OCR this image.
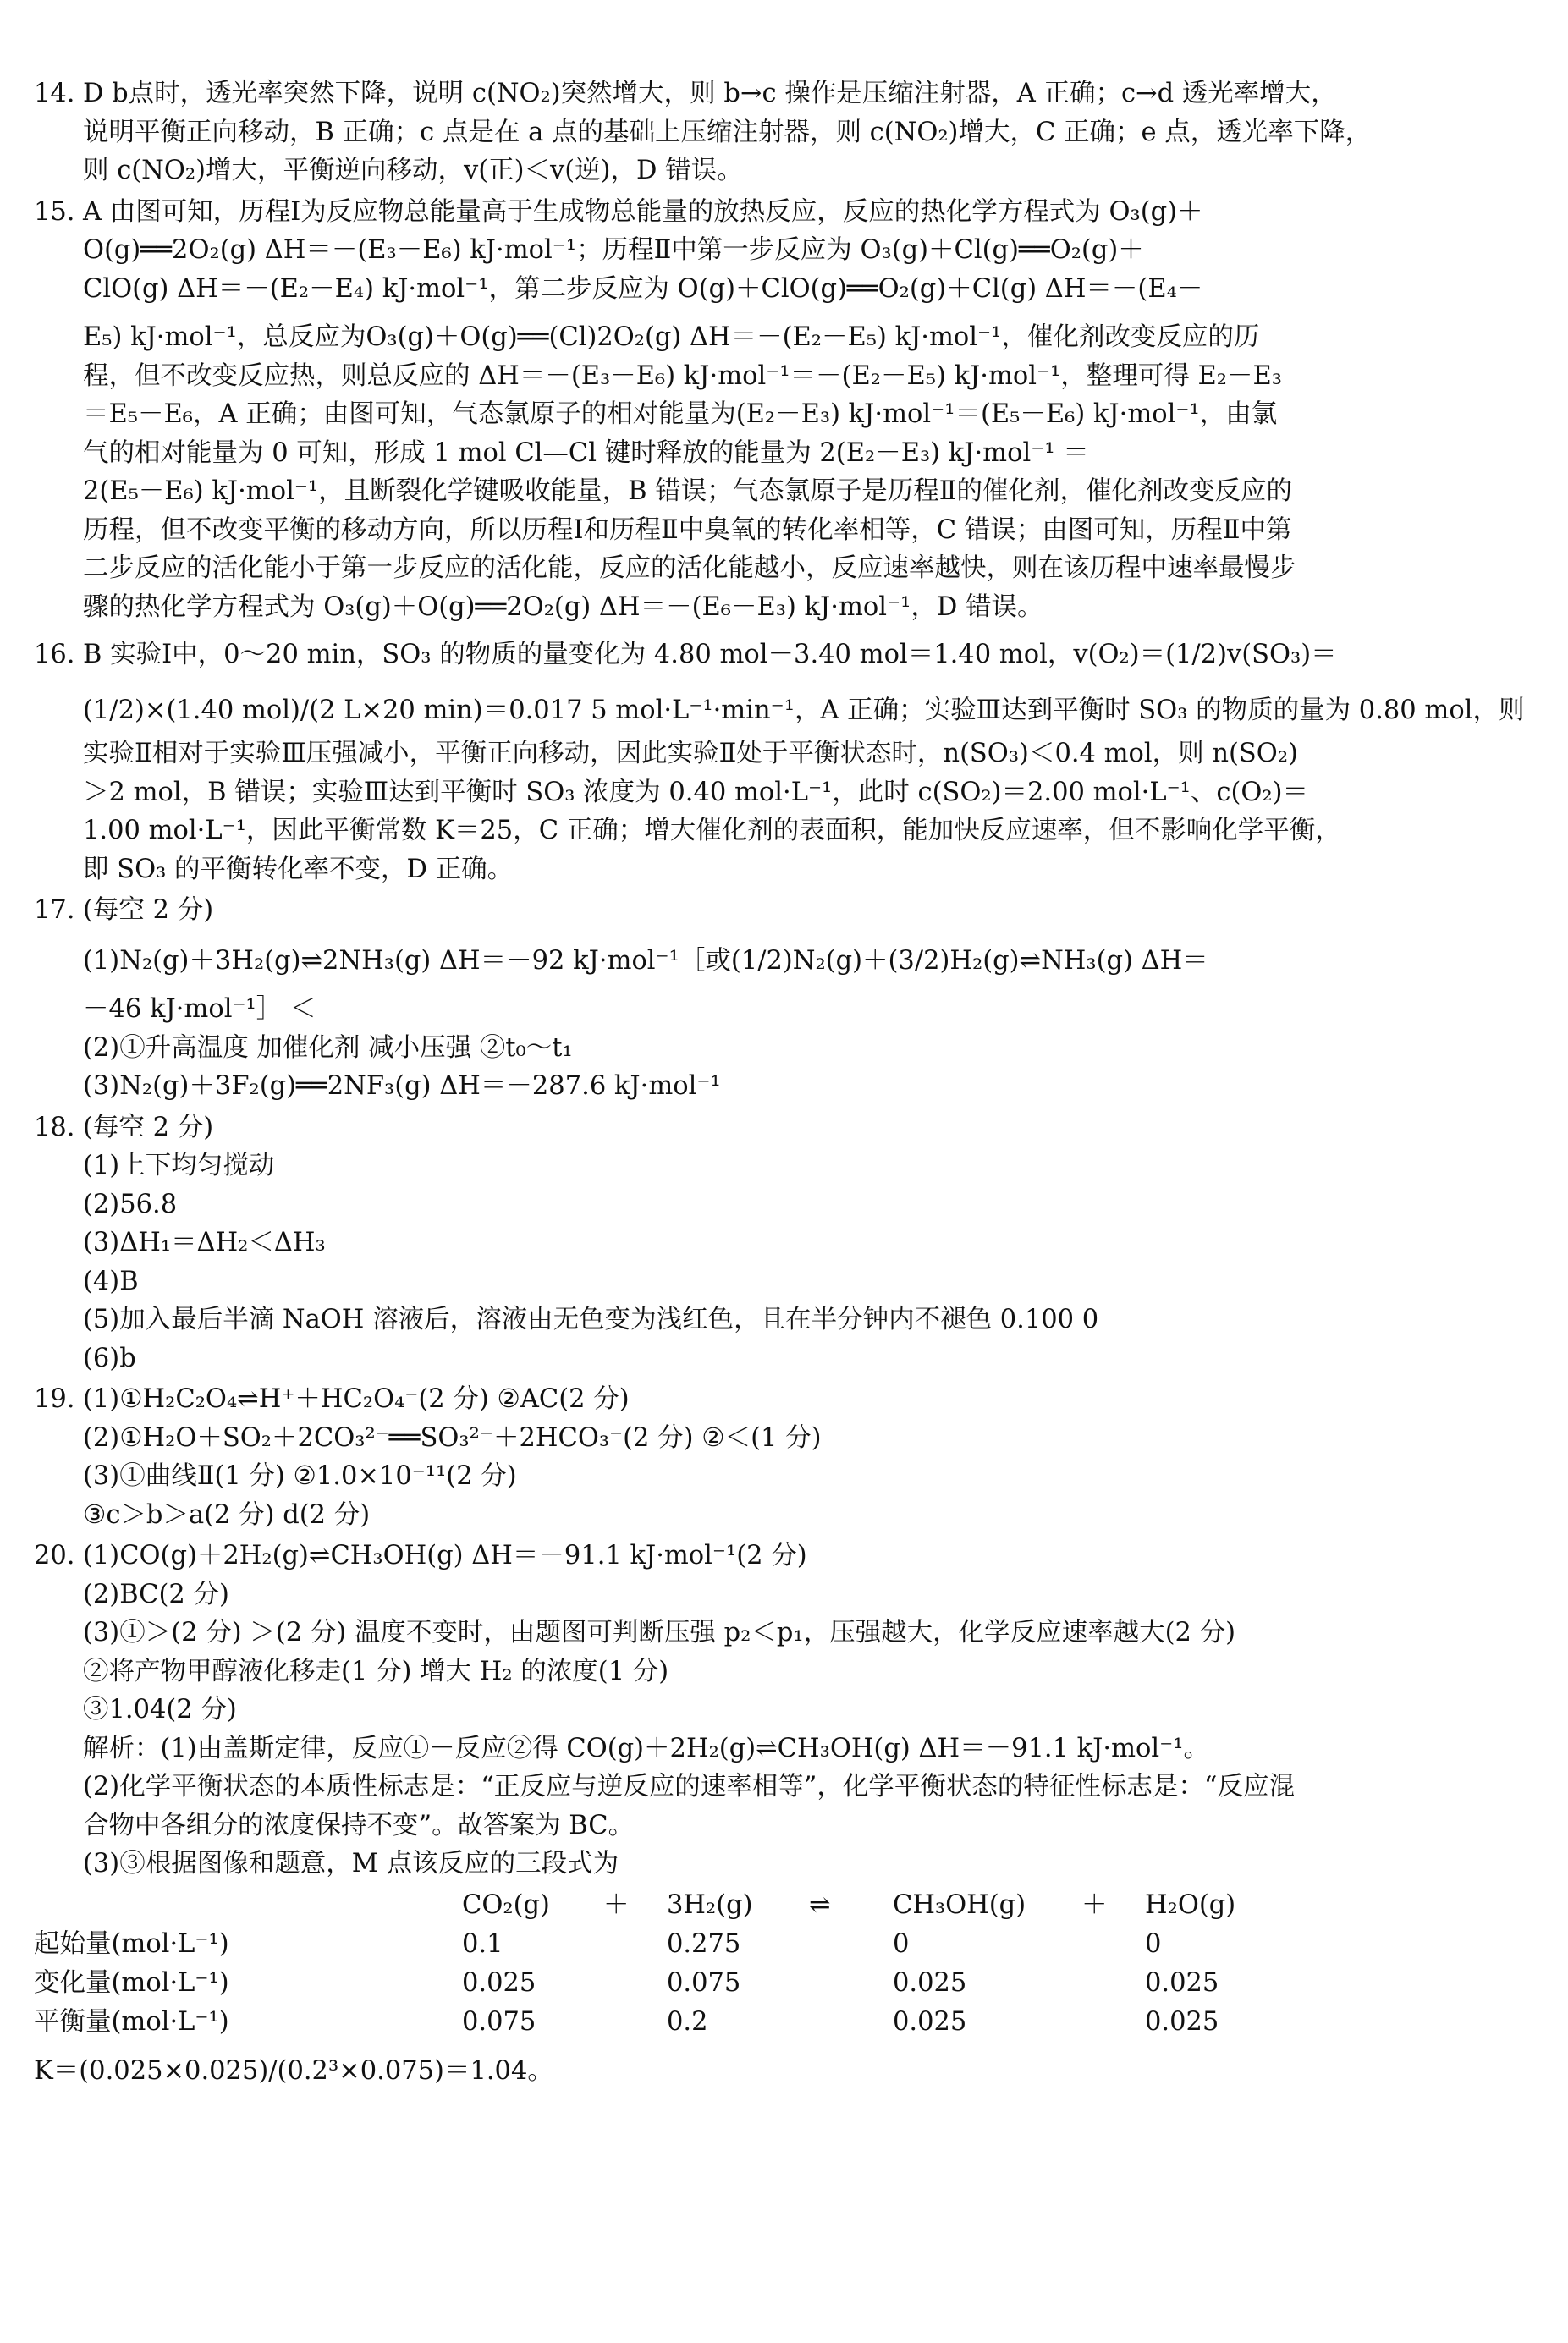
14. D b点时，透光率突然下降，说明 c(NO₂)突然增大，则 b→c 操作是压缩注射器，A 正确；c→d 透光率增大，
说明平衡正向移动，B 正确；c 点是在 a 点的基础上压缩注射器，则 c(NO₂)增大，C 正确；e 点，透光率下降，
则 c(NO₂)增大，平衡逆向移动，v(正)＜v(逆)，D 错误。
15. A 由图可知，历程Ⅰ为反应物总能量高于生成物总能量的放热反应，反应的热化学方程式为 O₃(g)＋
O(g)══2O₂(g) ΔH＝－(E₃－E₆) kJ·mol⁻¹；历程Ⅱ中第一步反应为 O₃(g)＋Cl(g)══O₂(g)＋
ClO(g) ΔH＝－(E₂－E₄) kJ·mol⁻¹，第二步反应为 O(g)＋ClO(g)══O₂(g)＋Cl(g) ΔH＝－(E₄－
E₅) kJ·mol⁻¹，总反应为O₃(g)＋O(g)══(Cl)2O₂(g) ΔH＝－(E₂－E₅) kJ·mol⁻¹，催化剂改变反应的历
程，但不改变反应热，则总反应的 ΔH＝－(E₃－E₆) kJ·mol⁻¹＝－(E₂－E₅) kJ·mol⁻¹，整理可得 E₂－E₃
＝E₅－E₆，A 正确；由图可知，气态氯原子的相对能量为(E₂－E₃) kJ·mol⁻¹＝(E₅－E₆) kJ·mol⁻¹，由氯
气的相对能量为 0 可知，形成 1 mol Cl—Cl 键时释放的能量为 2(E₂－E₃) kJ·mol⁻¹ ＝
2(E₅－E₆) kJ·mol⁻¹，且断裂化学键吸收能量，B 错误；气态氯原子是历程Ⅱ的催化剂，催化剂改变反应的
历程，但不改变平衡的移动方向，所以历程Ⅰ和历程Ⅱ中臭氧的转化率相等，C 错误；由图可知，历程Ⅱ中第
二步反应的活化能小于第一步反应的活化能，反应的活化能越小，反应速率越快，则在该历程中速率最慢步
骤的热化学方程式为 O₃(g)＋O(g)══2O₂(g) ΔH＝－(E₆－E₃) kJ·mol⁻¹，D 错误。
16. B 实验Ⅰ中，0～20 min，SO₃ 的物质的量变化为 4.80 mol－3.40 mol＝1.40 mol，v(O₂)＝(1/2)v(SO₃)＝
(1/2)×(1.40 mol)/(2 L×20 min)＝0.017 5 mol·L⁻¹·min⁻¹，A 正确；实验Ⅲ达到平衡时 SO₃ 的物质的量为 0.80 mol，则
实验Ⅱ相对于实验Ⅲ压强减小，平衡正向移动，因此实验Ⅱ处于平衡状态时，n(SO₃)＜0.4 mol，则 n(SO₂)
＞2 mol，B 错误；实验Ⅲ达到平衡时 SO₃ 浓度为 0.40 mol·L⁻¹，此时 c(SO₂)＝2.00 mol·L⁻¹、c(O₂)＝
1.00 mol·L⁻¹，因此平衡常数 K＝25，C 正确；增大催化剂的表面积，能加快反应速率，但不影响化学平衡，
即 SO₃ 的平衡转化率不变，D 正确。
17. (每空 2 分)
(1)N₂(g)＋3H₂(g)⇌2NH₃(g) ΔH＝－92 kJ·mol⁻¹［或(1/2)N₂(g)＋(3/2)H₂(g)⇌NH₃(g) ΔH＝
－46 kJ·mol⁻¹］ ＜
(2)①升高温度 加催化剂 减小压强 ②t₀～t₁
(3)N₂(g)＋3F₂(g)══2NF₃(g) ΔH＝－287.6 kJ·mol⁻¹
18. (每空 2 分)
(1)上下均匀搅动
(2)56.8
(3)ΔH₁＝ΔH₂＜ΔH₃
(4)B
(5)加入最后半滴 NaOH 溶液后，溶液由无色变为浅红色，且在半分钟内不褪色 0.100 0
(6)b
19. (1)①H₂C₂O₄⇌H⁺＋HC₂O₄⁻(2 分) ②AC(2 分)
(2)①H₂O＋SO₂＋2CO₃²⁻══SO₃²⁻＋2HCO₃⁻(2 分) ②＜(1 分)
(3)①曲线Ⅱ(1 分) ②1.0×10⁻¹¹(2 分)
③c＞b＞a(2 分) d(2 分)
20. (1)CO(g)＋2H₂(g)⇌CH₃OH(g) ΔH＝－91.1 kJ·mol⁻¹(2 分)
(2)BC(2 分)
(3)①＞(2 分) ＞(2 分) 温度不变时，由题图可判断压强 p₂＜p₁，压强越大，化学反应速率越大(2 分)
②将产物甲醇液化移走(1 分) 增大 H₂ 的浓度(1 分)
③1.04(2 分)
解析：(1)由盖斯定律，反应①－反应②得 CO(g)＋2H₂(g)⇌CH₃OH(g) ΔH＝－91.1 kJ·mol⁻¹。
(2)化学平衡状态的本质性标志是：“正反应与逆反应的速率相等”，化学平衡状态的特征性标志是：“反应混
合物中各组分的浓度保持不变”。故答案为 BC。
(3)③根据图像和题意，M 点该反应的三段式为
CO₂(g) ＋ 3H₂(g) ⇌ CH₃OH(g) ＋ H₂O(g)
起始量(mol·L⁻¹)	0.1	0.275	0	0
变化量(mol·L⁻¹)	0.025	0.075	0.025	0.025
平衡量(mol·L⁻¹)	0.075	0.2	0.025	0.025
K＝(0.025×0.025)/(0.2³×0.075)＝1.04。
